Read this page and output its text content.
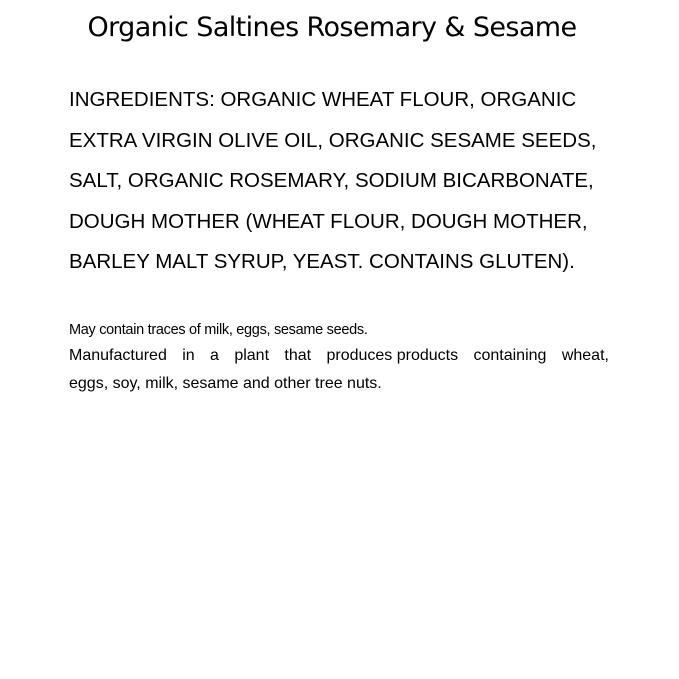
Organic Saltines Rosemary & Sesame

INGREDIENTS: ORGANIC WHEAT FLOUR, ORGANIC
EXTRA VIRGIN OLIVE OIL, ORGANIC SESAME SEEDS,
SALT, ORGANIC ROSEMARY, SODIUM BICARBONATE,
DOUGH MOTHER (WHEAT FLOUR, DOUGH MOTHER,
BARLEY MALT SYRUP, YEAST. CONTAINS GLUTEN).

May contain traces of milk, eggs, sesame seeds.
Manufactured in a plant that produces products containing wheat,
eggs, soy, milk, sesame and other tree nuts.
